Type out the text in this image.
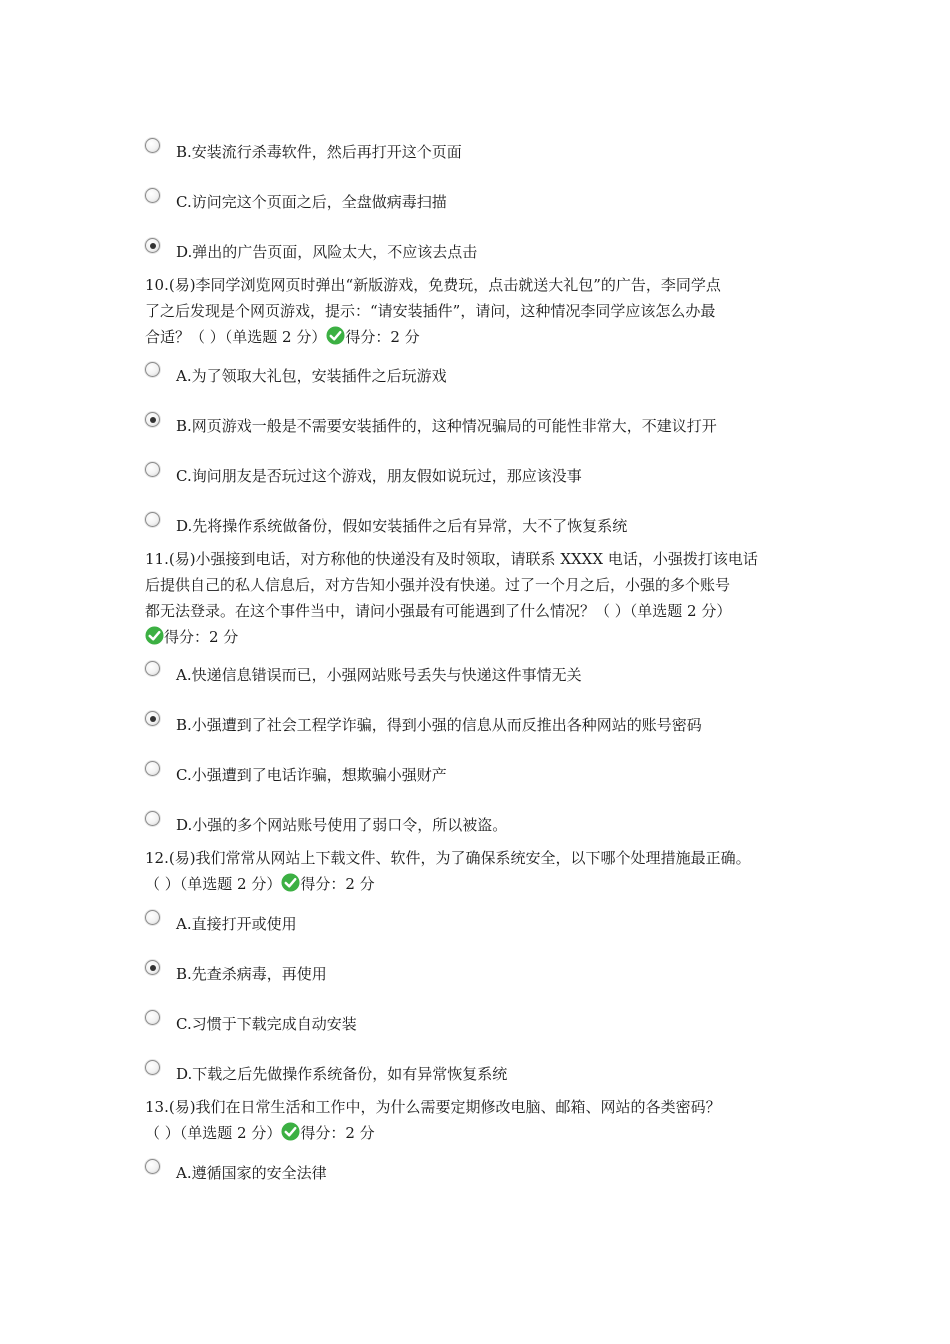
B.安装流行杀毒软件，然后再打开这个页面
C.访问完这个页面之后，全盘做病毒扫描
D.弹出的广告页面，风险太大，不应该去点击
10.(易)李同学浏览网页时弹出“新版游戏，免费玩，点击就送大礼包”的广告，李同学点
了之后发现是个网页游戏，提示：“请安装插件”，请问，这种情况李同学应该怎么办最
合适？（ ）（单选题 2 分） 得分：2 分
A.为了领取大礼包，安装插件之后玩游戏
B.网页游戏一般是不需要安装插件的，这种情况骗局的可能性非常大，不建议打开
C.询问朋友是否玩过这个游戏，朋友假如说玩过，那应该没事
D.先将操作系统做备份，假如安装插件之后有异常，大不了恢复系统
11.(易)小强接到电话，对方称他的快递没有及时领取，请联系 XXXX 电话，小强拨打该电话
后提供自己的私人信息后，对方告知小强并没有快递。过了一个月之后，小强的多个账号
都无法登录。在这个事件当中，请问小强最有可能遇到了什么情况？（ ）（单选题 2 分）
得分：2 分
A.快递信息错误而已，小强网站账号丢失与快递这件事情无关
B.小强遭到了社会工程学诈骗，得到小强的信息从而反推出各种网站的账号密码
C.小强遭到了电话诈骗，想欺骗小强财产
D.小强的多个网站账号使用了弱口令，所以被盗。
12.(易)我们常常从网站上下载文件、软件，为了确保系统安全，以下哪个处理措施最正确。
（ ）（单选题 2 分） 得分：2 分
A.直接打开或使用
B.先查杀病毒，再使用
C.习惯于下载完成自动安装
D.下载之后先做操作系统备份，如有异常恢复系统
13.(易)我们在日常生活和工作中，为什么需要定期修改电脑、邮箱、网站的各类密码？
（ ）（单选题 2 分） 得分：2 分
A.遵循国家的安全法律
